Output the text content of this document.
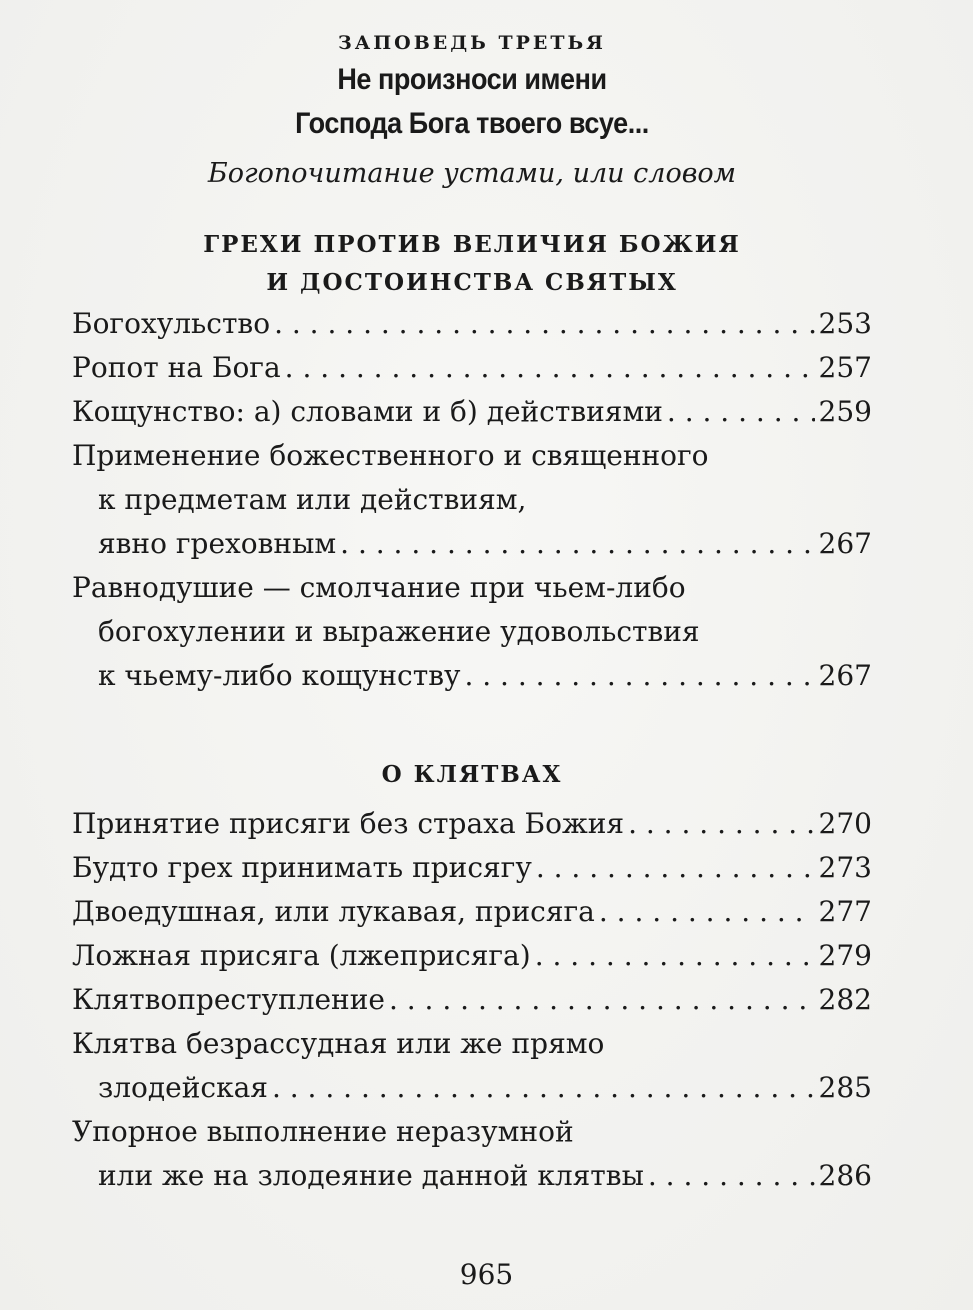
ЗАПОВЕДЬ ТРЕТЬЯ
Не произноси имени
Господа Бога твоего всуе...
Богопочитание устами, или словом
ГРЕХИ ПРОТИВ ВЕЛИЧИЯ БОЖИЯ
И ДОСТОИНСТВА СВЯТЫХ
Богохульство . . .	253
Ропот на Бога . . .	257
Кощунство: а) словами и б) действиями . . .	259
Применение божественного и священного
к предметам или действиям,
явно греховным . . .	267
Равнодушие — смолчание при чьем-либо
богохулении и выражение удовольствия
к чьему-либо кощунству . . .	267
О КЛЯТВАХ
Принятие присяги без страха Божия . . .	270
Будто грех принимать присягу . . .	273
Двоедушная, или лукавая, присяга . . .	277
Ложная присяга (лжеприсяга) . . .	279
Клятвопреступление . . .	282
Клятва безрассудная или же прямо
злодейская . . .	285
Упорное выполнение неразумной
или же на злодеяние данной клятвы . . .	286
965
